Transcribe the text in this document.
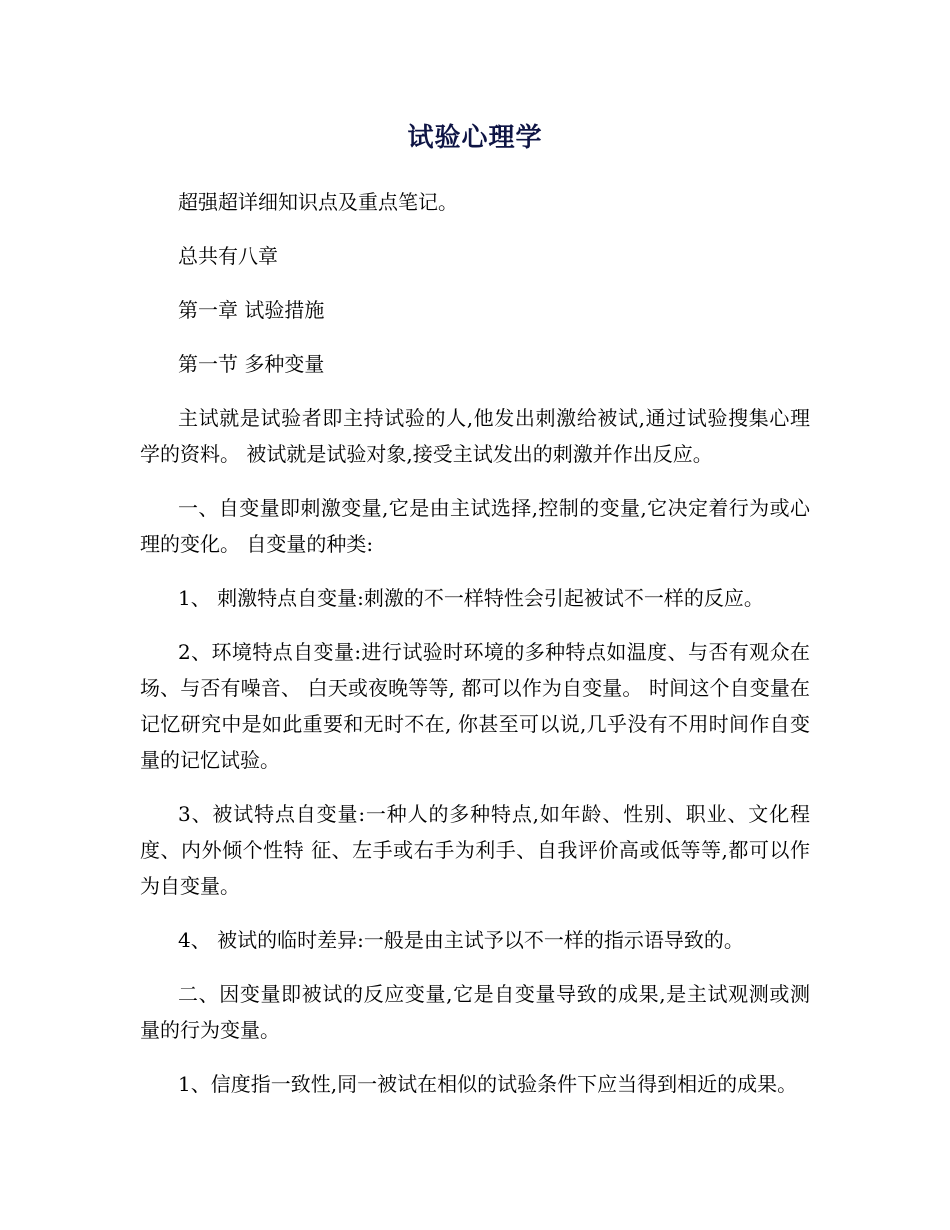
试验心理学

超强超详细知识点及重点笔记。

总共有八章

第一章 试验措施

第一节 多种变量

主试就是试验者即主持试验的人,他发出刺激给被试,通过试验搜集心理学的资料。 被试就是试验对象,接受主试发出的刺激并作出反应。

一、自变量即刺激变量,它是由主试选择,控制的变量,它决定着行为或心理的变化。 自变量的种类:

1、 刺激特点自变量:刺激的不一样特性会引起被试不一样的反应。

2、环境特点自变量:进行试验时环境的多种特点如温度、与否有观众在场、与否有噪音、 白天或夜晚等等, 都可以作为自变量。 时间这个自变量在记忆研究中是如此重要和无时不在, 你甚至可以说,几乎没有不用时间作自变量的记忆试验。

3、被试特点自变量:一种人的多种特点,如年龄、性别、职业、文化程度、内外倾个性特 征、左手或右手为利手、自我评价高或低等等,都可以作为自变量。

4、 被试的临时差异:一般是由主试予以不一样的指示语导致的。

二、因变量即被试的反应变量,它是自变量导致的成果,是主试观测或测量的行为变量。

1、信度指一致性,同一被试在相似的试验条件下应当得到相近的成果。
